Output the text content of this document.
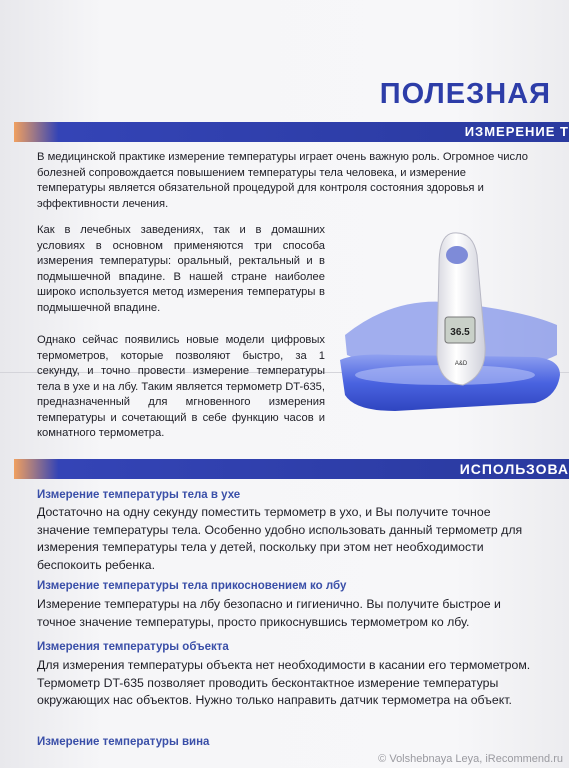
ПОЛЕЗНАЯ
ИЗМЕРЕНИЕ Т

В медицинской практике измерение температуры играет очень важную роль. Огромное число болезней сопровождается повышением температуры тела человека, и измерение температуры является обязательной процедурой для контроля состояния здоровья и эффективности лечения.

Как в лечебных заведениях, так и в домашних условиях в основном применяются три способа измерения температуры: оральный, ректальный и в подмышечной впадине. В нашей стране наиболее широко используется метод измерения температуры в подмышечной впадине.

Однако сейчас появились новые модели цифровых термометров, которые позволяют быстро, за 1 секунду, и точно провести измерение температуры тела в ухе и на лбу. Таким является термометр DT-635, предназначенный для мгновенного измерения температуры и сочетающий в себе функцию часов и комнатного термометра.

36.5
A&D
ИСПОЛЬЗОВА
Измерение температуры тела в ухе

Достаточно на одну секунду поместить термометр в ухо, и Вы получите точное значение температуры тела. Особенно удобно использовать данный термометр для измерения температуры тела у детей, поскольку при этом нет необходимости беспокоить ребенка.

Измерение температуры тела прикосновением ко лбу

Измерение температуры на лбу безопасно и гигиенично. Вы получите быстрое и точное значение температуры, просто прикоснувшись термометром ко лбу.

Измерения температуры объекта

Для измерения температуры объекта нет необходимости в касании его термометром. Термометр DT-635 позволяет проводить бесконтактное измерение температуры окружающих нас объектов. Нужно только направить датчик термометра на объект.

Измерение температуры вина
© Volshebnaya Leya, iRecommend.ru
